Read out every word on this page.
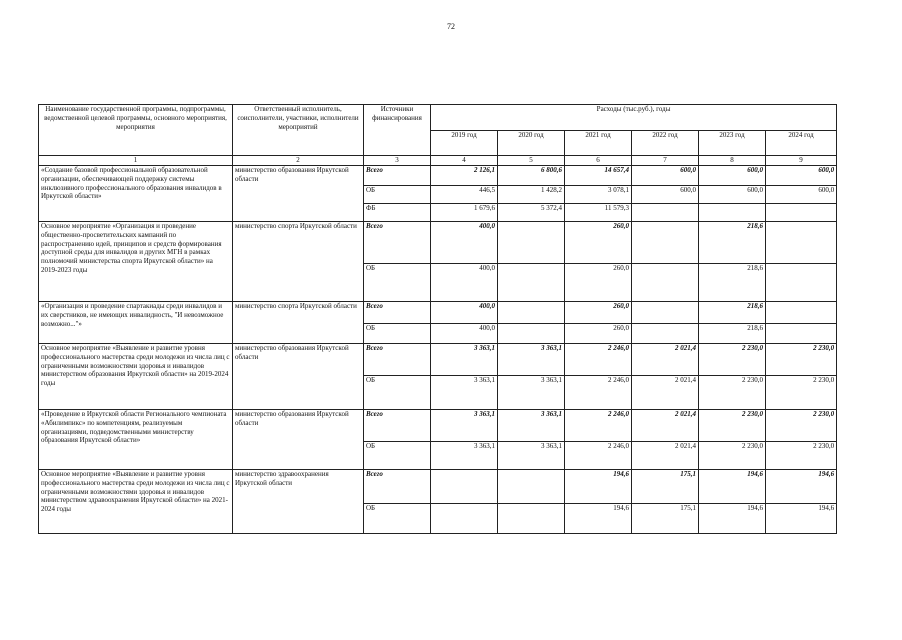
72
Наименование государственной программы, подпрограммы, ведомственной целевой программы, основного мероприятия, мероприятия	Ответственный исполнитель, соисполнители, участники, исполнители мероприятий	Источники финансирования	Расходы (тыс.руб.), годы					
			2019 год	2020 год	2021 год	2022 год	2023 год	2024 год
1	2	3	4	5	6	7	8	9
«Создание базовой профессиональной образовательной организации, обеспечивающей поддержку системы инклюзивного профессионального образования инвалидов в Иркутской области»	министерство образования Иркутской области	Всего	2 126,1	6 800,6	14 657,4	600,0	600,0	600,0
		ОБ	446,5	1 428,2	3 078,1	600,0	600,0	600,0
		ФБ	1 679,6	5 372,4	11 579,3			
Основное мероприятие «Организация и проведение общественно-просветительских кампаний по распространению идей, принципов и средств формирования доступной среды для инвалидов и других МГН в рамках полномочий министерства спорта Иркутской области» на 2019-2023 годы	министерство спорта Иркутской области	Всего	400,0		260,0		218,6	
		ОБ	400,0		260,0		218,6	
«Организация и проведение спартакиады среди инвалидов и их сверстников, не имеющих инвалидность, "И невозможное возможно..."»	министерство спорта Иркутской области	Всего	400,0		260,0		218,6	
		ОБ	400,0		260,0		218,6	
Основное мероприятие «Выявление и развитие уровня профессионального мастерства среди молодежи из числа лиц с ограниченными возможностями здоровья и инвалидов министерством образования Иркутской области» на 2019-2024 годы	министерство образования Иркутской области	Всего	3 363,1	3 363,1	2 246,0	2 021,4	2 230,0	2 230,0
		ОБ	3 363,1	3 363,1	2 246,0	2 021,4	2 230,0	2 230,0
«Проведение в Иркутской области Регионального чемпионата «Абилимпикс» по компетенциям, реализуемым организациями, подведомственными министерству образования Иркутской области»	министерство образования Иркутской области	Всего	3 363,1	3 363,1	2 246,0	2 021,4	2 230,0	2 230,0
		ОБ	3 363,1	3 363,1	2 246,0	2 021,4	2 230,0	2 230,0
Основное мероприятие «Выявление и развитие уровня профессионального мастерства среди молодежи из числа лиц с ограниченными возможностями здоровья и инвалидов министерством здравоохранения Иркутской области» на 2021-2024 годы	министерство здравоохранения Иркутской области	Всего			194,6	175,1	194,6	194,6
		ОБ			194,6	175,1	194,6	194,6
